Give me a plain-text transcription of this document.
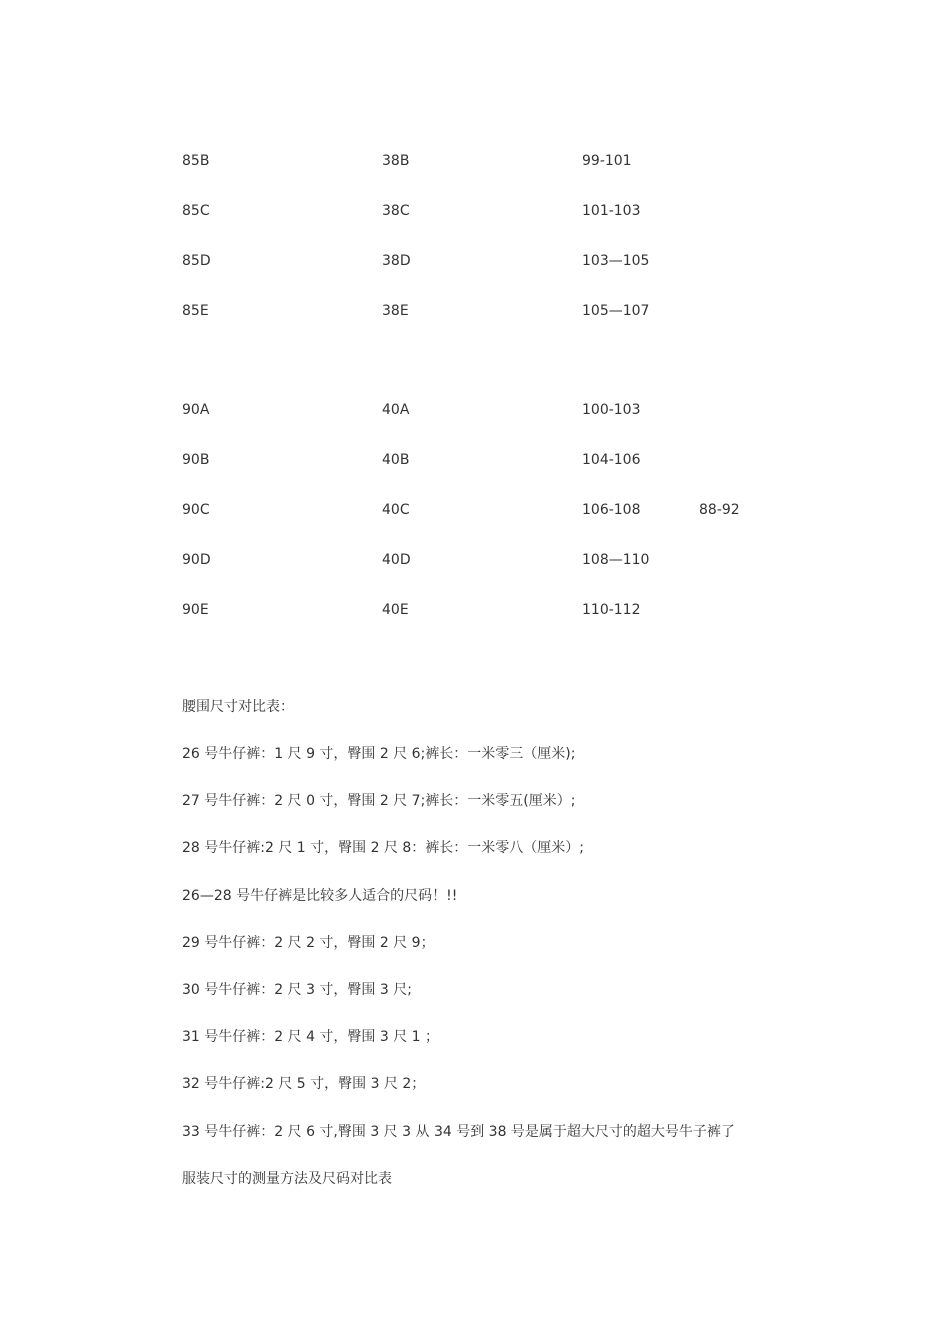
85B	38B	99-101
85C	38C	101-103
85D	38D	103—105
85E	38E	105—107
90A	40A	100-103
90B	40B	104-106
90C	40C	106-108	88-92
90D	40D	108—110
90E	40E	110-112
腰围尺寸对比表：
26 号牛仔裤：1 尺 9 寸，臀围 2 尺 6;裤长：一米零三（厘米);
27 号牛仔裤：2 尺 0 寸，臀围 2 尺 7;裤长：一米零五(厘米）;
28 号牛仔裤:2 尺 1 寸，臀围 2 尺 8：裤长：一米零八（厘米）;
26—28 号牛仔裤是比较多人适合的尺码！!!
29 号牛仔裤：2 尺 2 寸，臀围 2 尺 9；
30 号牛仔裤：2 尺 3 寸，臀围 3 尺;
31 号牛仔裤：2 尺 4 寸，臀围 3 尺 1 ；
32 号牛仔裤:2 尺 5 寸，臀围 3 尺 2；
33 号牛仔裤：2 尺 6 寸,臀围 3 尺 3 从 34 号到 38 号是属于超大尺寸的超大号牛子裤了
服装尺寸的测量方法及尺码对比表
